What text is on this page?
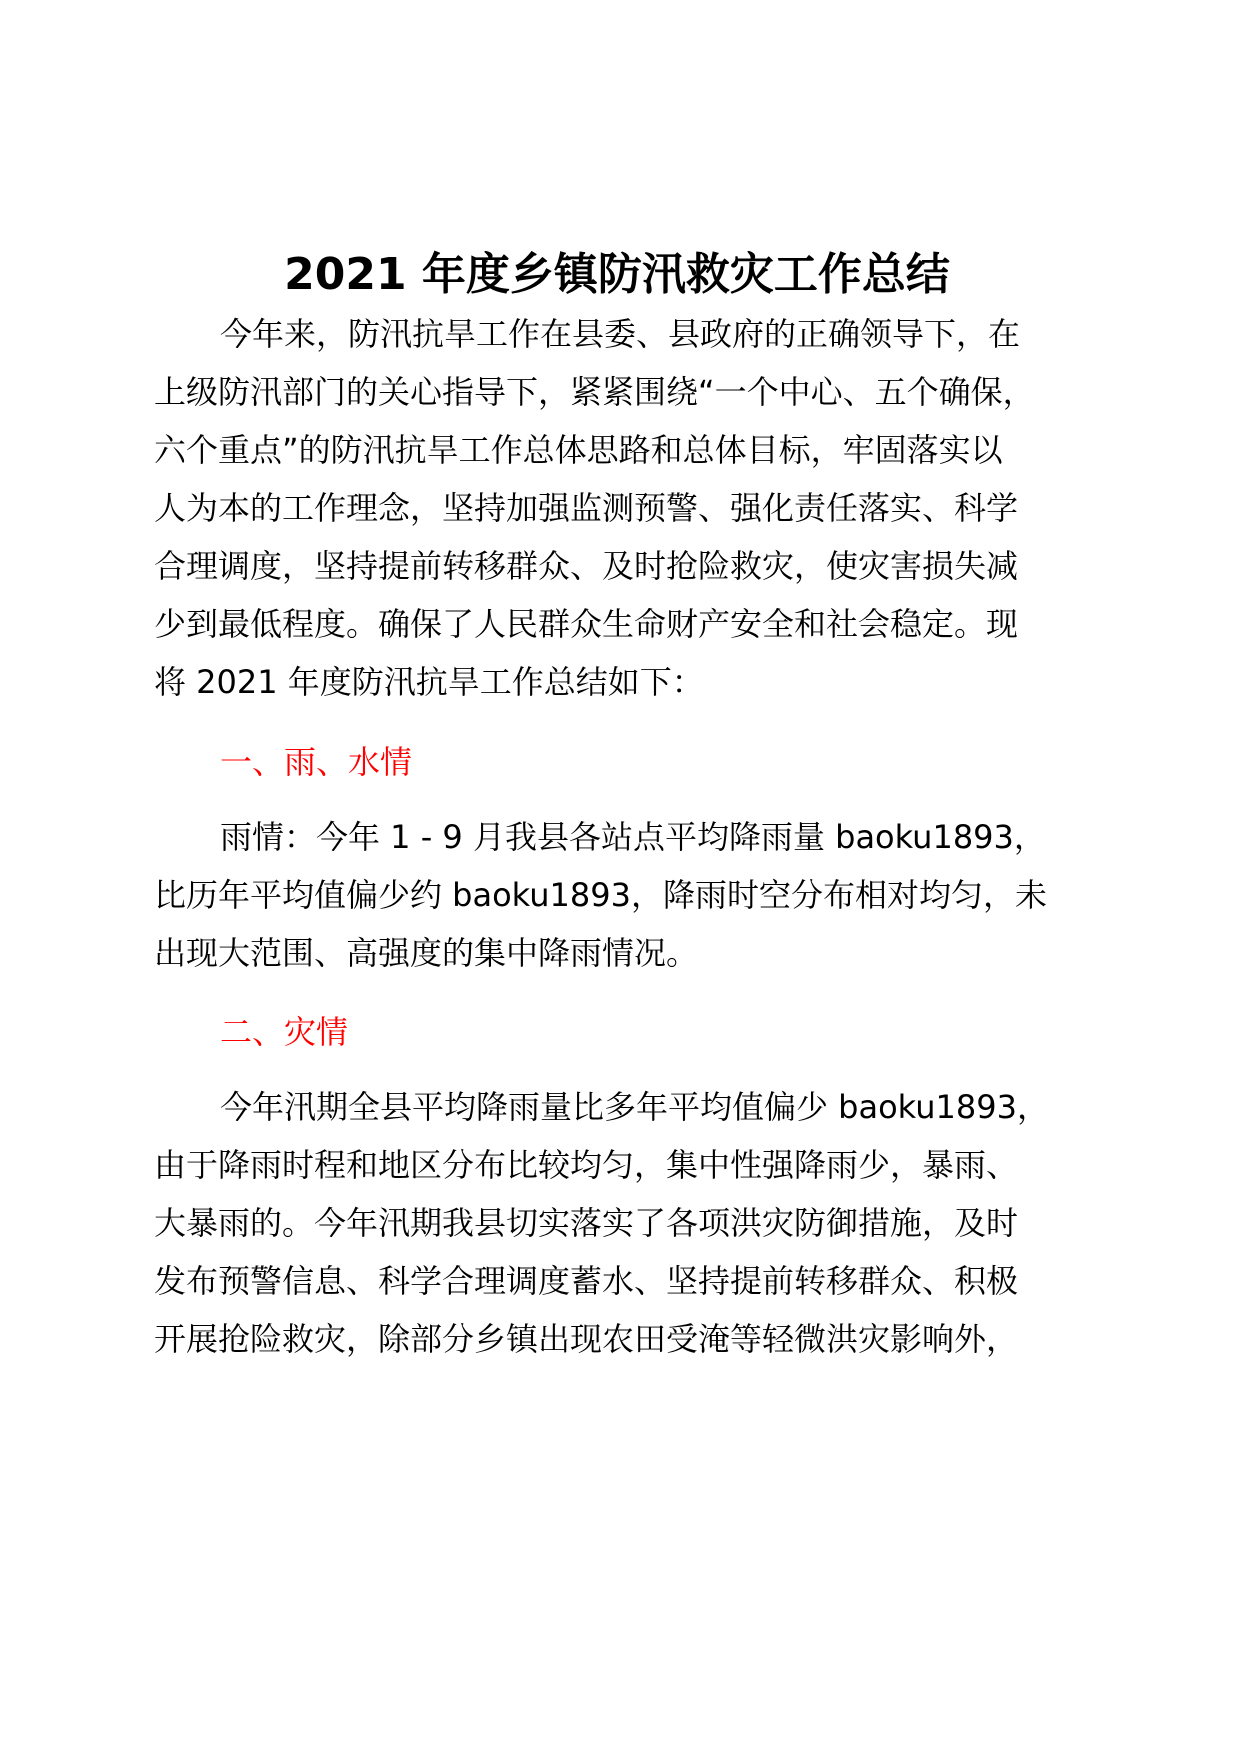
2021 年度乡镇防汛救灾工作总结

今年来，防汛抗旱工作在县委、县政府的正确领导下，在

上级防汛部门的关心指导下，紧紧围绕“一个中心、五个确保，

六个重点”的防汛抗旱工作总体思路和总体目标，牢固落实以

人为本的工作理念，坚持加强监测预警、强化责任落实、科学

合理调度，坚持提前转移群众、及时抢险救灾，使灾害损失减

少到最低程度。确保了人民群众生命财产安全和社会稳定。现

将 2021 年度防汛抗旱工作总结如下：

一、雨、水情

雨情：今年 1 - 9 月我县各站点平均降雨量 baoku1893，

比历年平均值偏少约 baoku1893，降雨时空分布相对均匀，未

出现大范围、高强度的集中降雨情况。

二、灾情

今年汛期全县平均降雨量比多年平均值偏少 baoku1893，

由于降雨时程和地区分布比较均匀，集中性强降雨少，暴雨、

大暴雨的。今年汛期我县切实落实了各项洪灾防御措施，及时

发布预警信息、科学合理调度蓄水、坚持提前转移群众、积极

开展抢险救灾，除部分乡镇出现农田受淹等轻微洪灾影响外，
